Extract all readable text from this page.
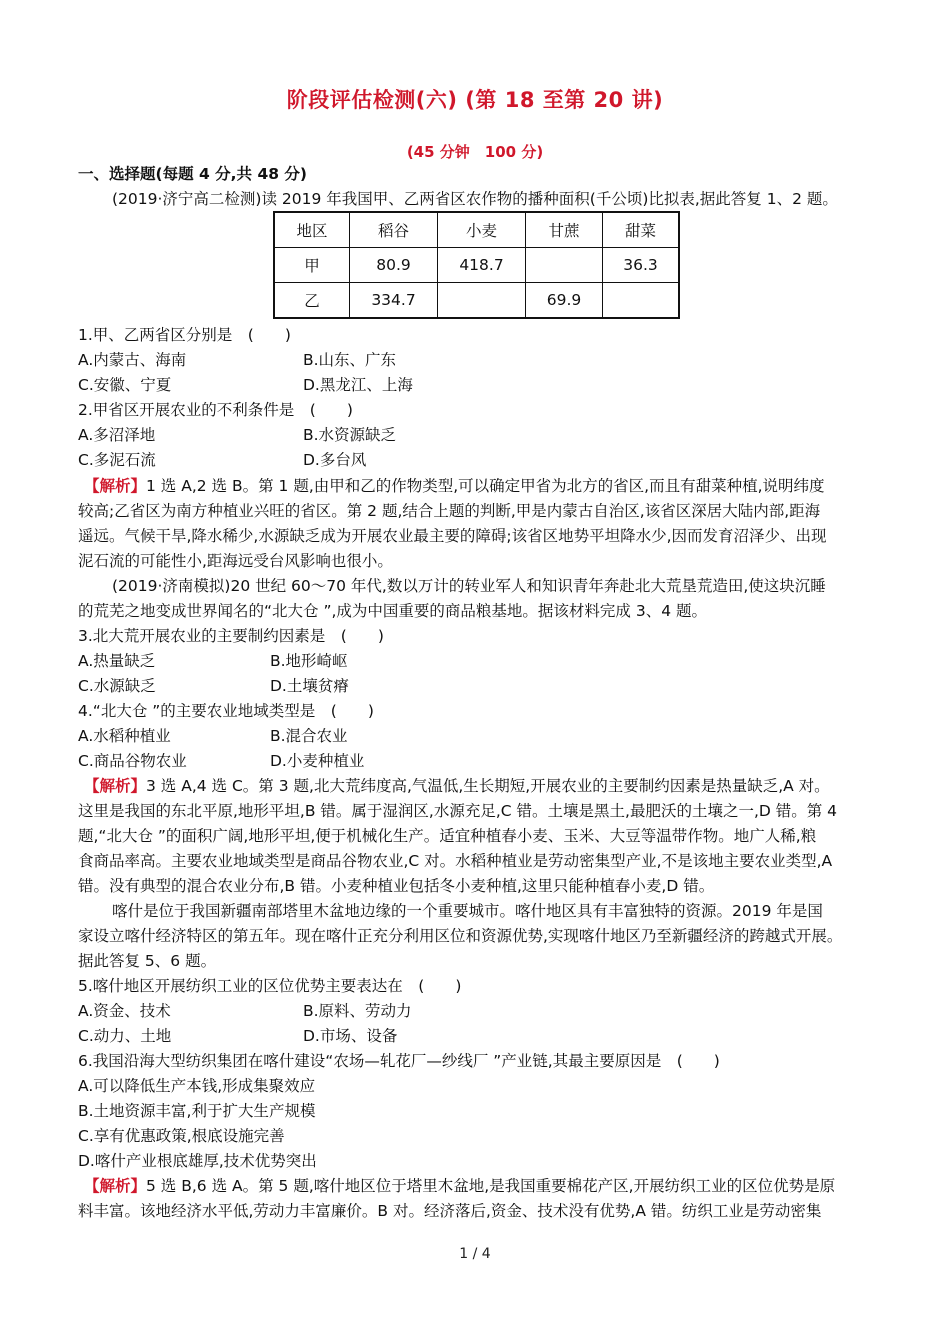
阶段评估检测(六) (第 18 至第 20 讲)
(45 分钟　100 分)
一、选择题(每题 4 分,共 48 分)
(2019·济宁高二检测)读 2019 年我国甲、乙两省区农作物的播种面积(千公顷)比拟表,据此答复 1、2 题。
地区	稻谷	小麦	甘蔗	甜菜
甲	80.9	418.7		36.3
乙	334.7		69.9	
1.甲、乙两省区分别是　(　　)
A.内蒙古、海南	B.山东、广东
C.安徽、宁夏	D.黑龙江、上海
2.甲省区开展农业的不利条件是　(　　)
A.多沼泽地	B.水资源缺乏
C.多泥石流	D.多台风
【解析】1 选 A,2 选 B。第 1 题,由甲和乙的作物类型,可以确定甲省为北方的省区,而且有甜菜种植,说明纬度
较高;乙省区为南方种植业兴旺的省区。第 2 题,结合上题的判断,甲是内蒙古自治区,该省区深居大陆内部,距海
遥远。气候干旱,降水稀少,水源缺乏成为开展农业最主要的障碍;该省区地势平坦降水少,因而发育沼泽少、出现
泥石流的可能性小,距海远受台风影响也很小。
(2019·济南模拟)20 世纪 60～70 年代,数以万计的转业军人和知识青年奔赴北大荒垦荒造田,使这块沉睡
的荒芜之地变成世界闻名的“北大仓 ”,成为中国重要的商品粮基地。据该材料完成 3、4 题。
3.北大荒开展农业的主要制约因素是　(　　)
A.热量缺乏	B.地形崎岖
C.水源缺乏	D.土壤贫瘠
4.“北大仓 ”的主要农业地域类型是　(　　)
A.水稻种植业	B.混合农业
C.商品谷物农业	D.小麦种植业
【解析】3 选 A,4 选 C。第 3 题,北大荒纬度高,气温低,生长期短,开展农业的主要制约因素是热量缺乏,A 对。
这里是我国的东北平原,地形平坦,B 错。属于湿润区,水源充足,C 错。土壤是黑土,最肥沃的土壤之一,D 错。第 4
题,“北大仓 ”的面积广阔,地形平坦,便于机械化生产。适宜种植春小麦、玉米、大豆等温带作物。地广人稀,粮
食商品率高。主要农业地域类型是商品谷物农业,C 对。水稻种植业是劳动密集型产业,不是该地主要农业类型,A
错。没有典型的混合农业分布,B 错。小麦种植业包括冬小麦种植,这里只能种植春小麦,D 错。
喀什是位于我国新疆南部塔里木盆地边缘的一个重要城市。喀什地区具有丰富独特的资源。2019 年是国
家设立喀什经济特区的第五年。现在喀什正充分利用区位和资源优势,实现喀什地区乃至新疆经济的跨越式开展。
据此答复 5、6 题。
5.喀什地区开展纺织工业的区位优势主要表达在　(　　)
A.资金、技术	B.原料、劳动力
C.动力、土地	D.市场、设备
6.我国沿海大型纺织集团在喀什建设“农场—轧花厂—纱线厂 ”产业链,其最主要原因是　(　　)
A.可以降低生产本钱,形成集聚效应
B.土地资源丰富,利于扩大生产规模
C.享有优惠政策,根底设施完善
D.喀什产业根底雄厚,技术优势突出
【解析】5 选 B,6 选 A。第 5 题,喀什地区位于塔里木盆地,是我国重要棉花产区,开展纺织工业的区位优势是原
料丰富。该地经济水平低,劳动力丰富廉价。B 对。经济落后,资金、技术没有优势,A 错。纺织工业是劳动密集
1 / 4
